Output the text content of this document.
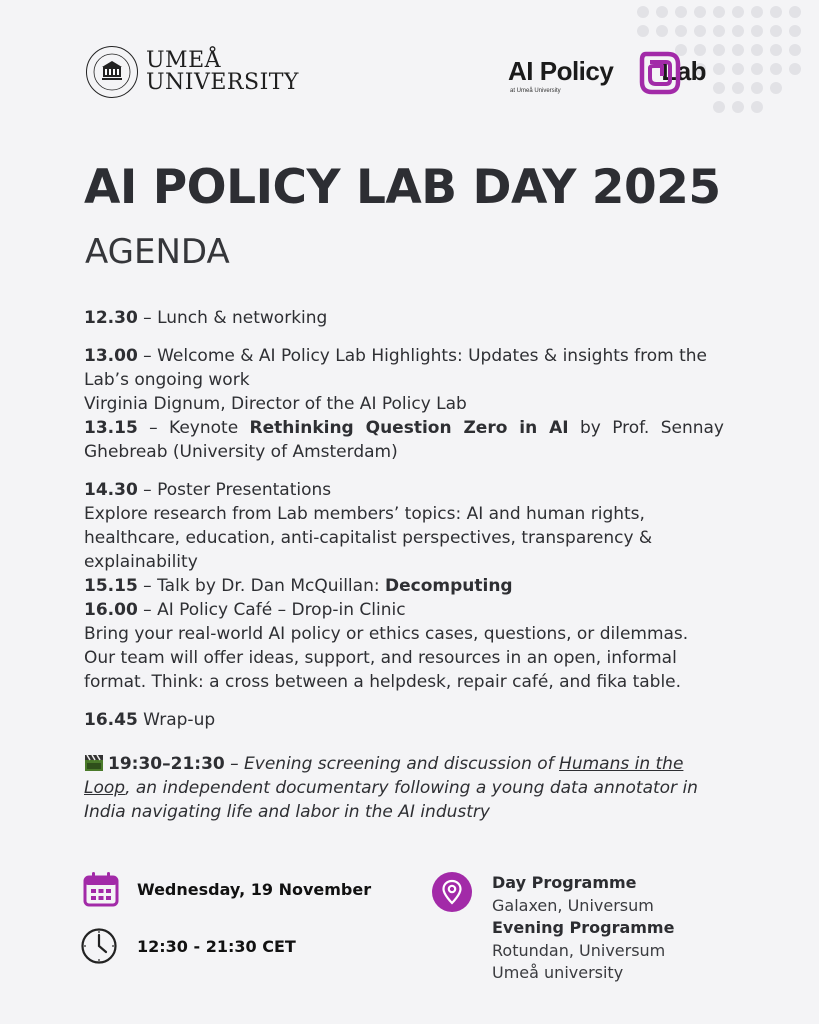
UMEÅ
UNIVERSITY	AI Policy Lab
at Umeå University
AI POLICY LAB DAY 2025
AGENDA

12.30 – Lunch & networking

13.00 – Welcome & AI Policy Lab Highlights: Updates & insights from the Lab’s ongoing work

Virginia Dignum, Director of the AI Policy Lab

13.15 – Keynote Rethinking Question Zero in AI by Prof. Sennay Ghebreab (University of Amsterdam)

14.30 – Poster Presentations

Explore research from Lab members’ topics: AI and human rights, healthcare, education, anti-capitalist perspectives, transparency & explainability

15.15 – Talk by Dr. Dan McQuillan: Decomputing

16.00 – AI Policy Café – Drop-in Clinic

Bring your real-world AI policy or ethics cases, questions, or dilemmas. Our team will offer ideas, support, and resources in an open, informal format. Think: a cross between a helpdesk, repair café, and fika table.

16.45 Wrap-up

19:30–21:30 – Evening screening and discussion of Humans in the Loop, an independent documentary following a young data annotator in India navigating life and labor in the AI industry

Wednesday, 19 November
12:30 - 21:30 CET
Day Programme
Galaxen, Universum
Evening Programme
Rotundan, Universum
Umeå university
